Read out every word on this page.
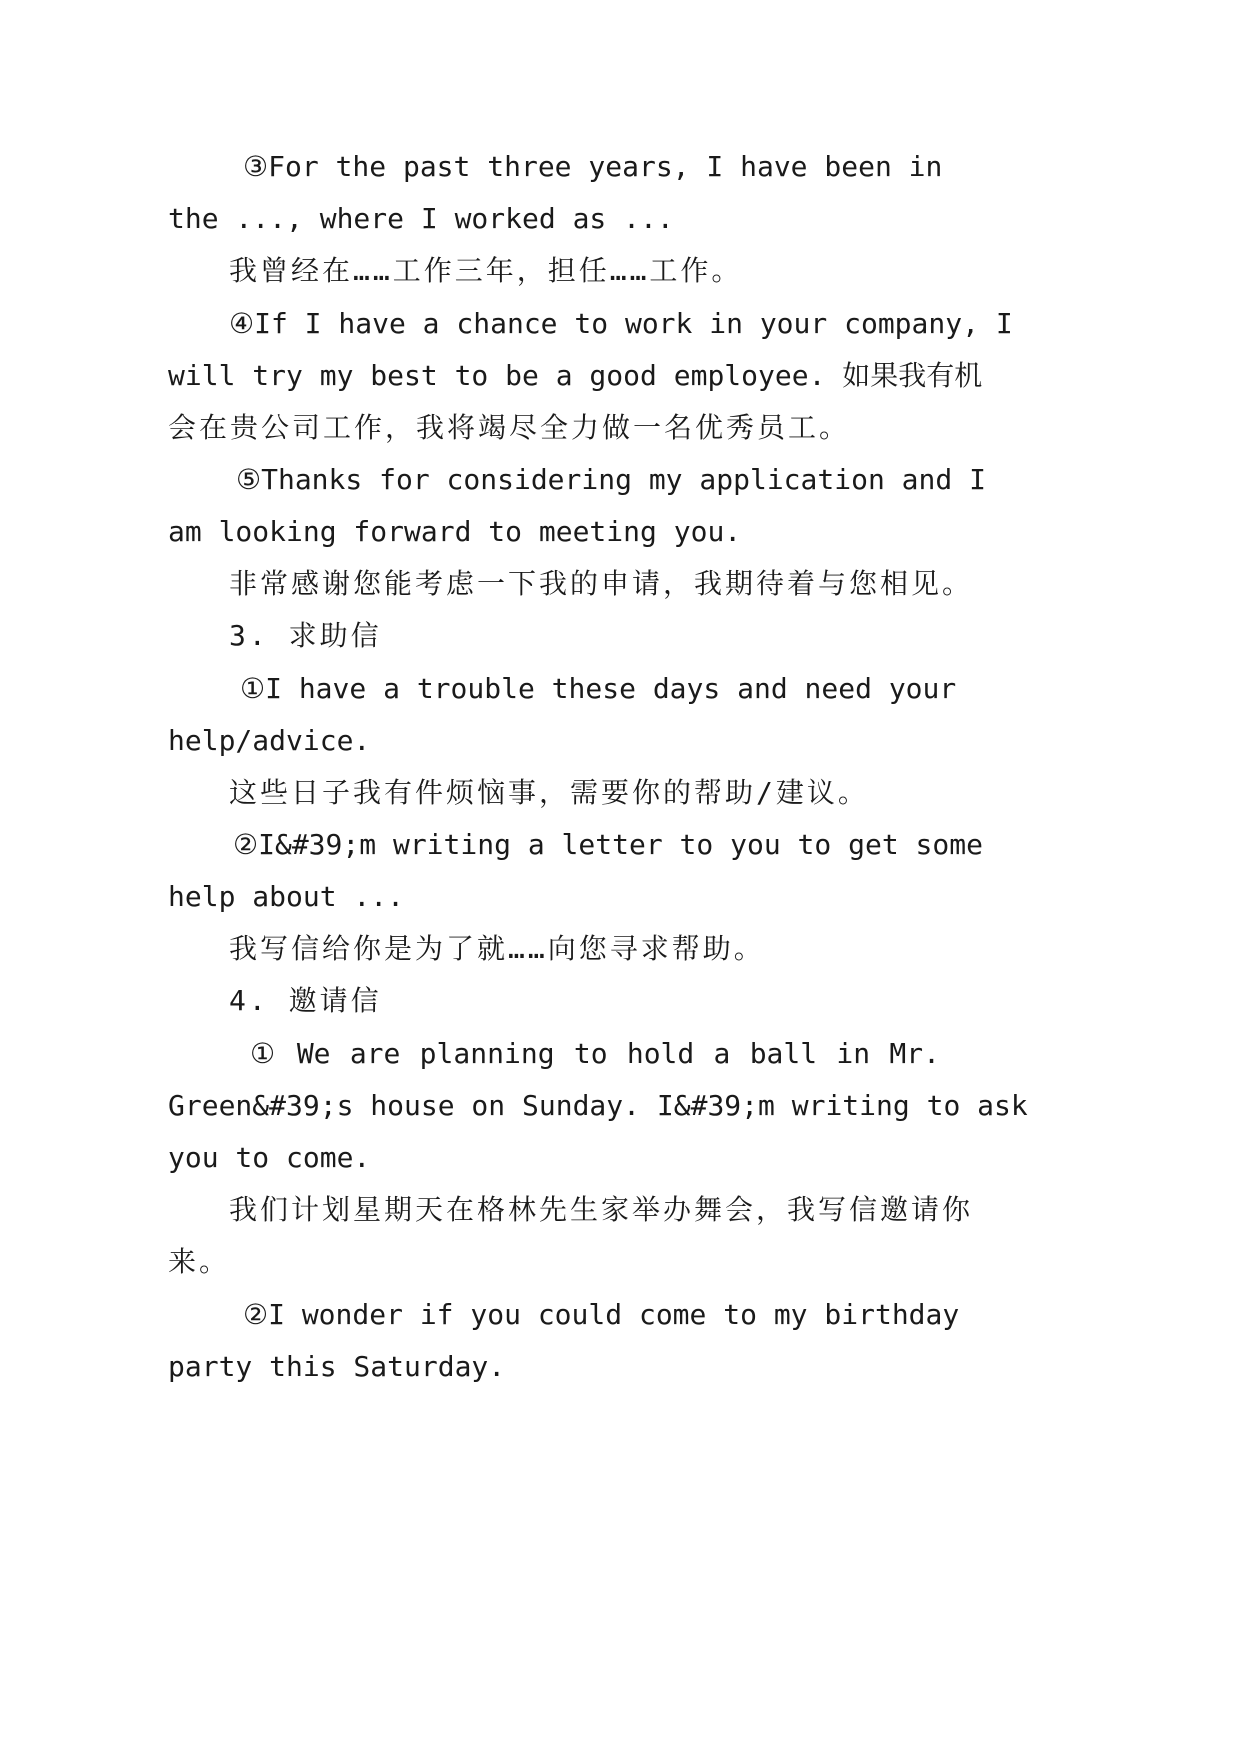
③For the past three years, I have been in
the ..., where I worked as ...
我曾经在……工作三年，担任……工作。
④If I have a chance to work in your company, I
will try my best to be a good employee. 如果我有机
会在贵公司工作，我将竭尽全力做一名优秀员工。
⑤Thanks for considering my application and I
am looking forward to meeting you.
非常感谢您能考虑一下我的申请，我期待着与您相见。
3. 求助信
①I have a trouble these days and need your
help/advice.
这些日子我有件烦恼事，需要你的帮助/建议。
②I&#39;m writing a letter to you to get some
help about ...
我写信给你是为了就……向您寻求帮助。
4. 邀请信
① We are planning to hold a ball in Mr.
Green&#39;s house on Sunday. I&#39;m writing to ask
you to come.
我们计划星期天在格林先生家举办舞会，我写信邀请你
来。
②I wonder if you could come to my birthday
party this Saturday.
